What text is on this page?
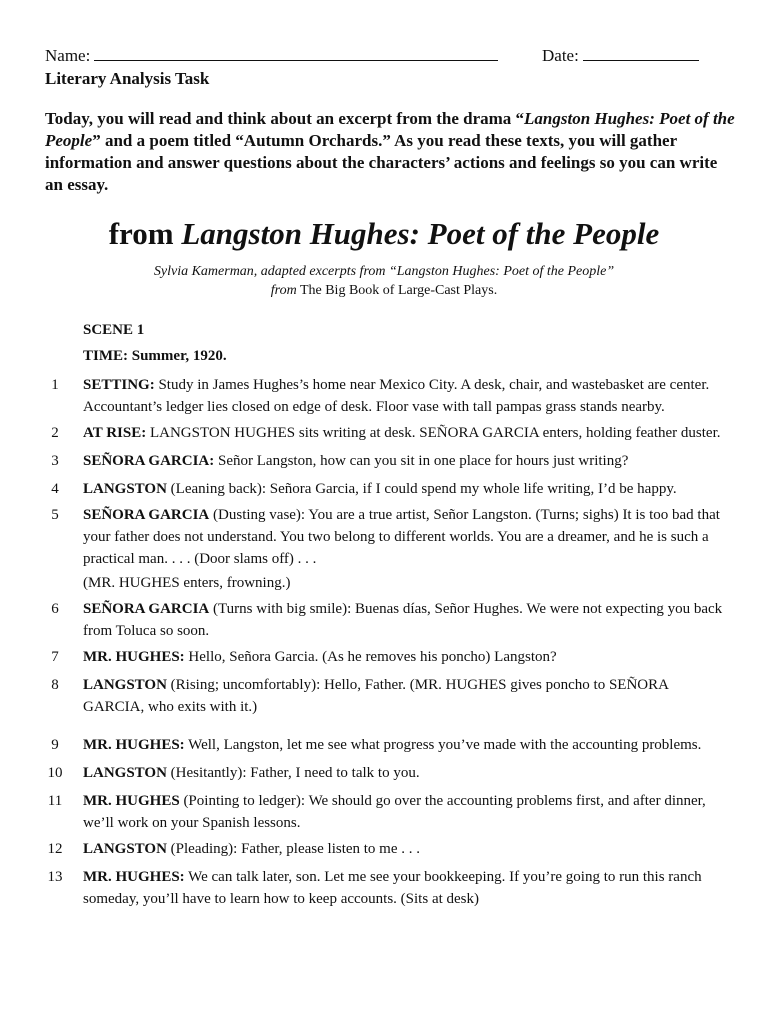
Name:	Date:
Literary Analysis Task

Today, you will read and think about an excerpt from the drama “Langston Hughes: Poet of the People” and a poem titled “Autumn Orchards.” As you read these texts, you will gather information and answer questions about the characters’ actions and feelings so you can write an essay.

from Langston Hughes: Poet of the People
Sylvia Kamerman, adapted excerpts from “Langston Hughes: Poet of the People”
from The Big Book of Large-Cast Plays.
SCENE 1
TIME: Summer, 1920.
1	SETTING: Study in James Hughes’s home near Mexico City. A desk, chair, and wastebasket are center. Accountant’s ledger lies closed on edge of desk. Floor vase with tall pampas grass stands nearby.
2	AT RISE: LANGSTON HUGHES sits writing at desk. SEÑORA GARCIA enters, holding feather duster.
3	SEÑORA GARCIA: Señor Langston, how can you sit in one place for hours just writing?
4	LANGSTON (Leaning back): Señora Garcia, if I could spend my whole life writing, I’d be happy.
5	SEÑORA GARCIA (Dusting vase): You are a true artist, Señor Langston. (Turns; sighs) It is too bad that your father does not understand. You two belong to different worlds. You are a dreamer, and he is such a practical man. . . . (Door slams off) . . .
(MR. HUGHES enters, frowning.)
6	SEÑORA GARCIA (Turns with big smile): Buenas días, Señor Hughes. We were not expecting you back from Toluca so soon.
7	MR. HUGHES: Hello, Señora Garcia. (As he removes his poncho) Langston?
8	LANGSTON (Rising; uncomfortably): Hello, Father. (MR. HUGHES gives poncho to SEÑORA GARCIA, who exits with it.)
9	MR. HUGHES: Well, Langston, let me see what progress you’ve made with the accounting problems.
10	LANGSTON (Hesitantly): Father, I need to talk to you.
11	MR. HUGHES (Pointing to ledger): We should go over the accounting problems first, and after dinner, we’ll work on your Spanish lessons.
12	LANGSTON (Pleading): Father, please listen to me . . .
13	MR. HUGHES: We can talk later, son. Let me see your bookkeeping. If you’re going to run this ranch someday, you’ll have to learn how to keep accounts. (Sits at desk)
